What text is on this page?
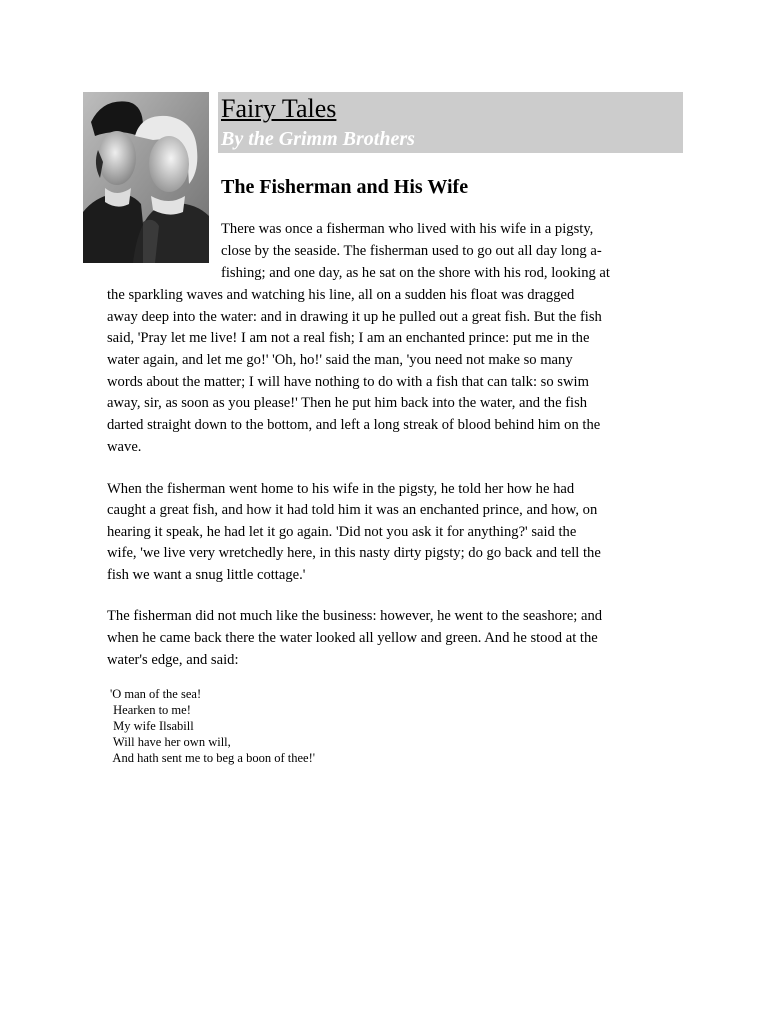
Fairy Tales
By the Grimm Brothers
The Fisherman and His Wife

There was once a fisherman who lived with his wife in a pigsty,

close by the seaside. The fisherman used to go out all day long a-

fishing; and one day, as he sat on the shore with his rod, looking at

the sparkling waves and watching his line, all on a sudden his float was dragged

away deep into the water: and in drawing it up he pulled out a great fish. But the fish

said, 'Pray let me live! I am not a real fish; I am an enchanted prince: put me in the

water again, and let me go!' 'Oh, ho!' said the man, 'you need not make so many

words about the matter; I will have nothing to do with a fish that can talk: so swim

away, sir, as soon as you please!' Then he put him back into the water, and the fish

darted straight down to the bottom, and left a long streak of blood behind him on the

wave.

When the fisherman went home to his wife in the pigsty, he told her how he had

caught a great fish, and how it had told him it was an enchanted prince, and how, on

hearing it speak, he had let it go again. 'Did not you ask it for anything?' said the

wife, 'we live very wretchedly here, in this nasty dirty pigsty; do go back and tell the

fish we want a snug little cottage.'

The fisherman did not much like the business: however, he went to the seashore; and

when he came back there the water looked all yellow and green. And he stood at the

water's edge, and said:

'O man of the sea!

Hearken to me!

My wife Ilsabill

Will have her own will,

And hath sent me to beg a boon of thee!'
